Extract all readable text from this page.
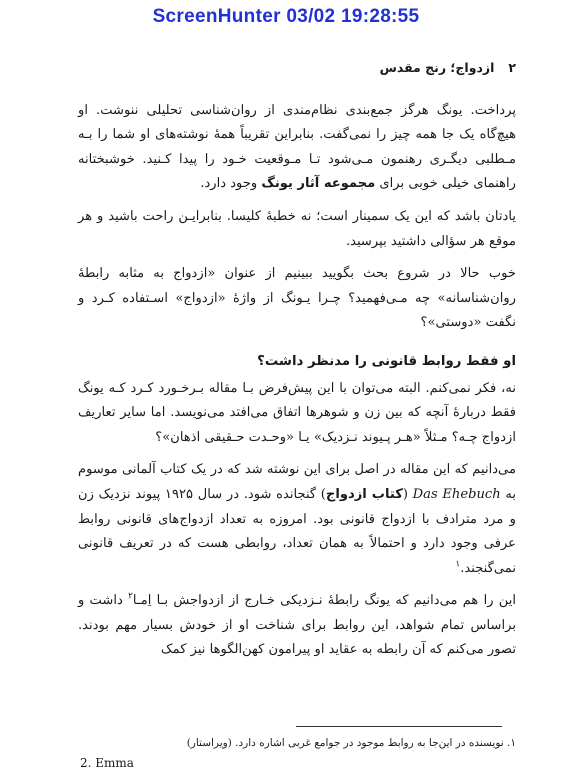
ScreenHunter 03/02 19:28:55
۲
ازدواج؛ رنج مقدس

پرداخت. یونگ هرگز جمع‌بندی نظام‌مندی از روان‌شناسی تحلیلی ننوشت. او هیچ‌گاه یک جا همه چیز را نمی‌گفت. بنابراین تقریباً همهٔ نوشته‌های او شما را بـه مـطلبی دیگـری رهنمون مـی‌شود تـا مـوقعیت خـود را پیدا کـنید. خوشبختانه راهنمای خیلی خوبی برای مجموعه آثار یونگ وجود دارد.

یادتان باشد که این یک سمینار است؛ نه خطبهٔ کلیسا. بنابرایـن راحت باشید و هر موقع هر سؤالی داشتید بپرسید.

خوب حالا در شروع بحث بگویید ببینیم از عنوان «ازدواج به مثابه رابطهٔ روان‌شناسانه» چه مـی‌فهمید؟ چـرا یـونگ از واژهٔ «ازدواج» اسـتفاده کـرد و نگفت «دوستی»؟

او فقط روابط قانونی را مدنظر داشت؟

نه، فکر نمی‌کنم. البته می‌توان با این پیش‌فرض بـا مقاله بـرخـورد کـرد کـه یونگ فقط دربارهٔ آنچه که بین زن و شوهرها اتفاق می‌افتد می‌نویسد. اما سایر تعاریف ازدواج چـه؟ مـثلاً «هـر پـیوند نـزدیک» یـا «وحـدت حـقیقی اذهان»؟

می‌دانیم که این مقاله در اصل برای این نوشته شد که در یک کتاب آلمانی موسوم به Das Ehebuch (کتاب ازدواج) گنجانده شود. در سال ۱۹۲۵ پیوند نزدیک زن و مرد مترادف با ازدواج قانونی بود. امروزه به تعداد ازدواج‌های قانونی روابط عرفی وجود دارد و احتمالاً به همان تعداد، روابطی هست که در تعریف قانونی نمی‌گنجند.$^۱$

این را هم می‌دانیم که یونگ رابطهٔ نـزدیکی خـارج از ازدواجش بـا اِمـا$^۲$ داشت و براساس تمام شواهد، این روابط برای شناخت او از خودش بسیار مهم بودند. تصور می‌کنم که آن رابطه به عقاید او پیرامون کهن‌الگوها نیز کمک

۱. نویسنده در این‌جا به روابط موجود در جوامع غربی اشاره دارد. (ویراستار)
2. Emma
